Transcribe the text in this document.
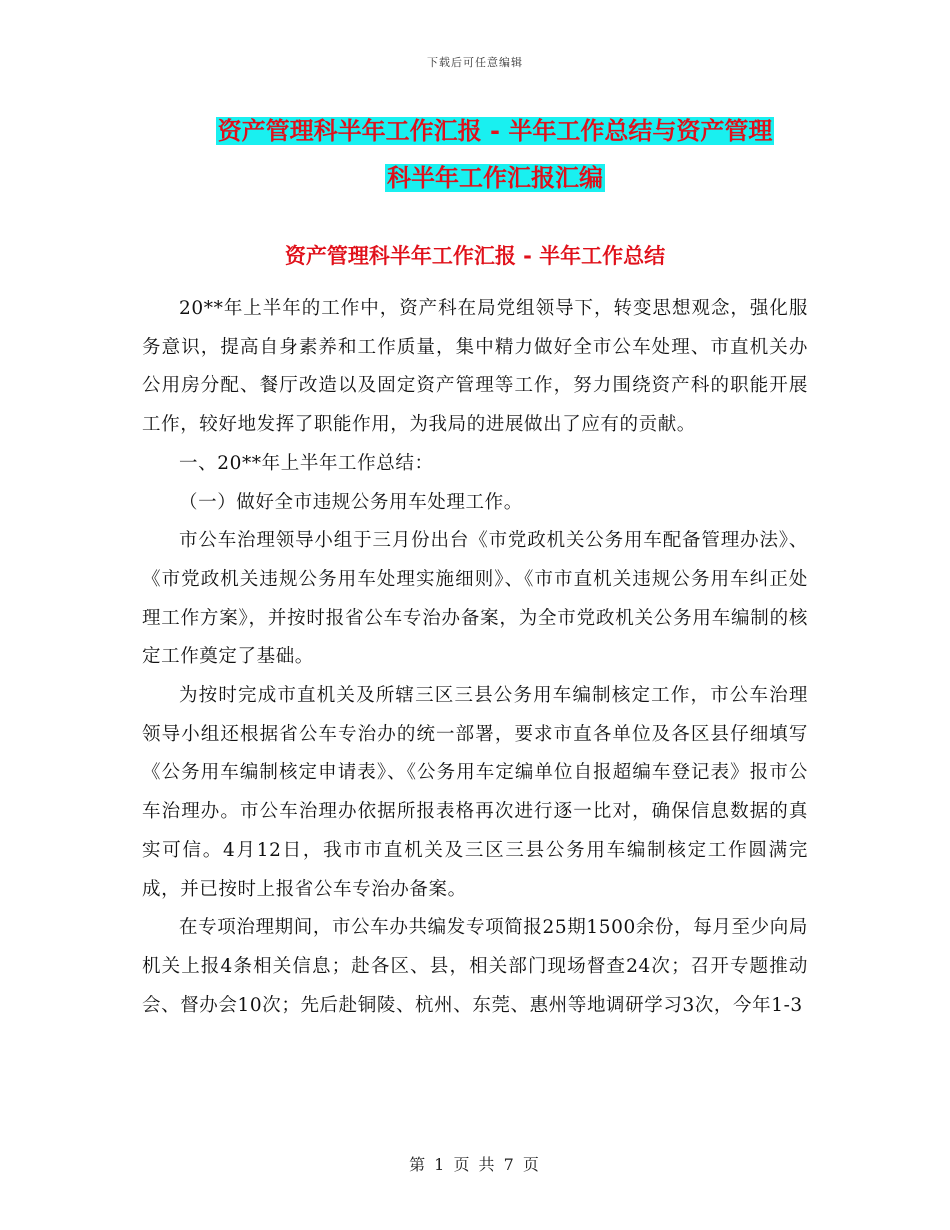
下载后可任意编辑
资产管理科半年工作汇报 - 半年工作总结与资产管理
科半年工作汇报汇编
资产管理科半年工作汇报 - 半年工作总结

20**年上半年的工作中，资产科在局党组领导下，转变思想观念，强化服务意识，提高自身素养和工作质量，集中精力做好全市公车处理、市直机关办公用房分配、餐厅改造以及固定资产管理等工作，努力围绕资产科的职能开展工作，较好地发挥了职能作用，为我局的进展做出了应有的贡献。

一、20**年上半年工作总结：

（一）做好全市违规公务用车处理工作。

市公车治理领导小组于三月份出台《市党政机关公务用车配备管理办法》、《市党政机关违规公务用车处理实施细则》、《市市直机关违规公务用车纠正处理工作方案》，并按时报省公车专治办备案，为全市党政机关公务用车编制的核定工作奠定了基础。

为按时完成市直机关及所辖三区三县公务用车编制核定工作，市公车治理领导小组还根据省公车专治办的统一部署，要求市直各单位及各区县仔细填写《公务用车编制核定申请表》、《公务用车定编单位自报超编车登记表》报市公车治理办。市公车治理办依据所报表格再次进行逐一比对，确保信息数据的真实可信。4月12日，我市市直机关及三区三县公务用车编制核定工作圆满完成，并已按时上报省公车专治办备案。

在专项治理期间，市公车办共编发专项简报25期1500余份，每月至少向局机关上报4条相关信息；赴各区、县，相关部门现场督查24次；召开专题推动会、督办会10次；先后赴铜陵、杭州、东莞、惠州等地调研学习3次，今年1-3

第 1 页 共 7 页
